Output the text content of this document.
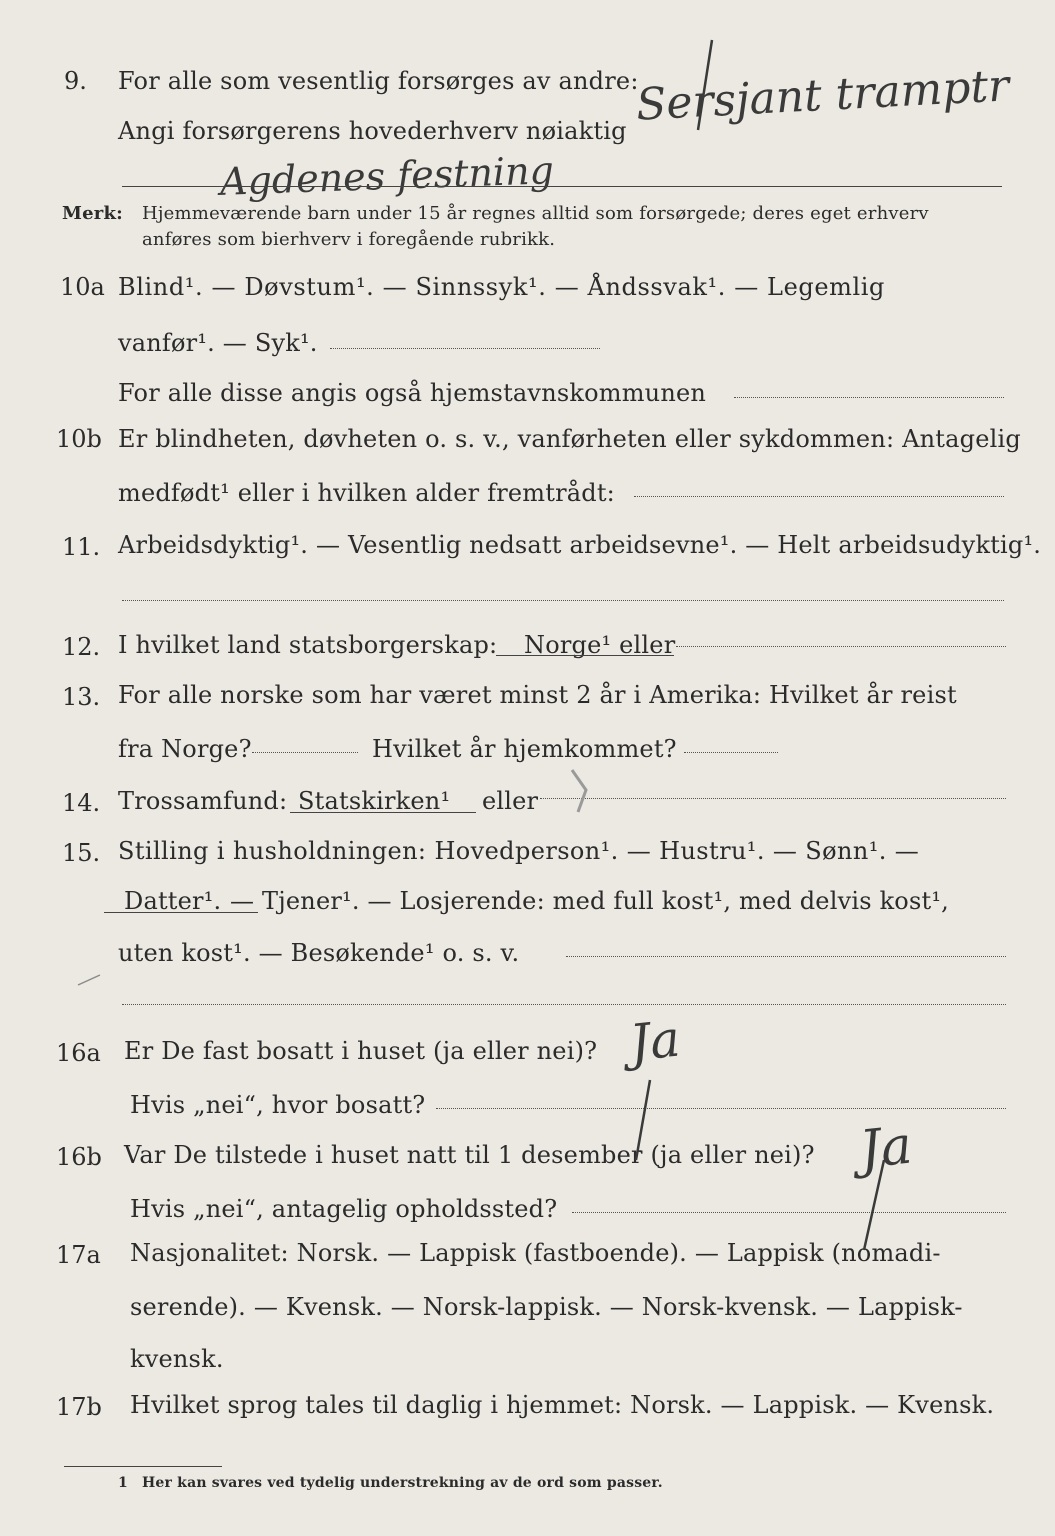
9. For alle som vesentlig forsørges av andre:
Angi forsørgerens hovederhverv nøiaktig
Sersjant tramptr
Agdenes festning
Merk: Hjemmeværende barn under 15 år regnes alltid som forsørgede; deres eget erhverv
anføres som bierhverv i foregående rubrikk.
10a Blind¹. — Døvstum¹. — Sinnssyk¹. — Åndssvak¹. — Legemlig
vanfør¹. — Syk¹.
For alle disse angis også hjemstavnskommunen
10b Er blindheten, døvheten o. s. v., vanførheten eller sykdommen: Antagelig
medfødt¹ eller i hvilken alder fremtrådt:
11. Arbeidsdyktig¹. — Vesentlig nedsatt arbeidsevne¹. — Helt arbeidsudyktig¹.
12. I hvilket land statsborgerskap: Norge¹ eller
13. For alle norske som har været minst 2 år i Amerika: Hvilket år reist
fra Norge?	Hvilket år hjemkommet?
14. Trossamfund: Statskirken¹ eller
15. Stilling i husholdningen: Hovedperson¹. — Hustru¹. — Sønn¹. —
Datter¹. — Tjener¹. — Losjerende: med full kost¹, med delvis kost¹,
uten kost¹. — Besøkende¹ o. s. v.
16a Er De fast bosatt i huset (ja eller nei)? Ja
Hvis „nei“, hvor bosatt?
16b Var De tilstede i huset natt til 1 desember (ja eller nei)? Ja
Hvis „nei“, antagelig opholdssted?
17a Nasjonalitet: Norsk. — Lappisk (fastboende). — Lappisk (nomadi-
serende). — Kvensk. — Norsk-lappisk. — Norsk-kvensk. — Lappisk-
kvensk.
17b Hvilket sprog tales til daglig i hjemmet: Norsk. — Lappisk. — Kvensk.
1 Her kan svares ved tydelig understrekning av de ord som passer.
